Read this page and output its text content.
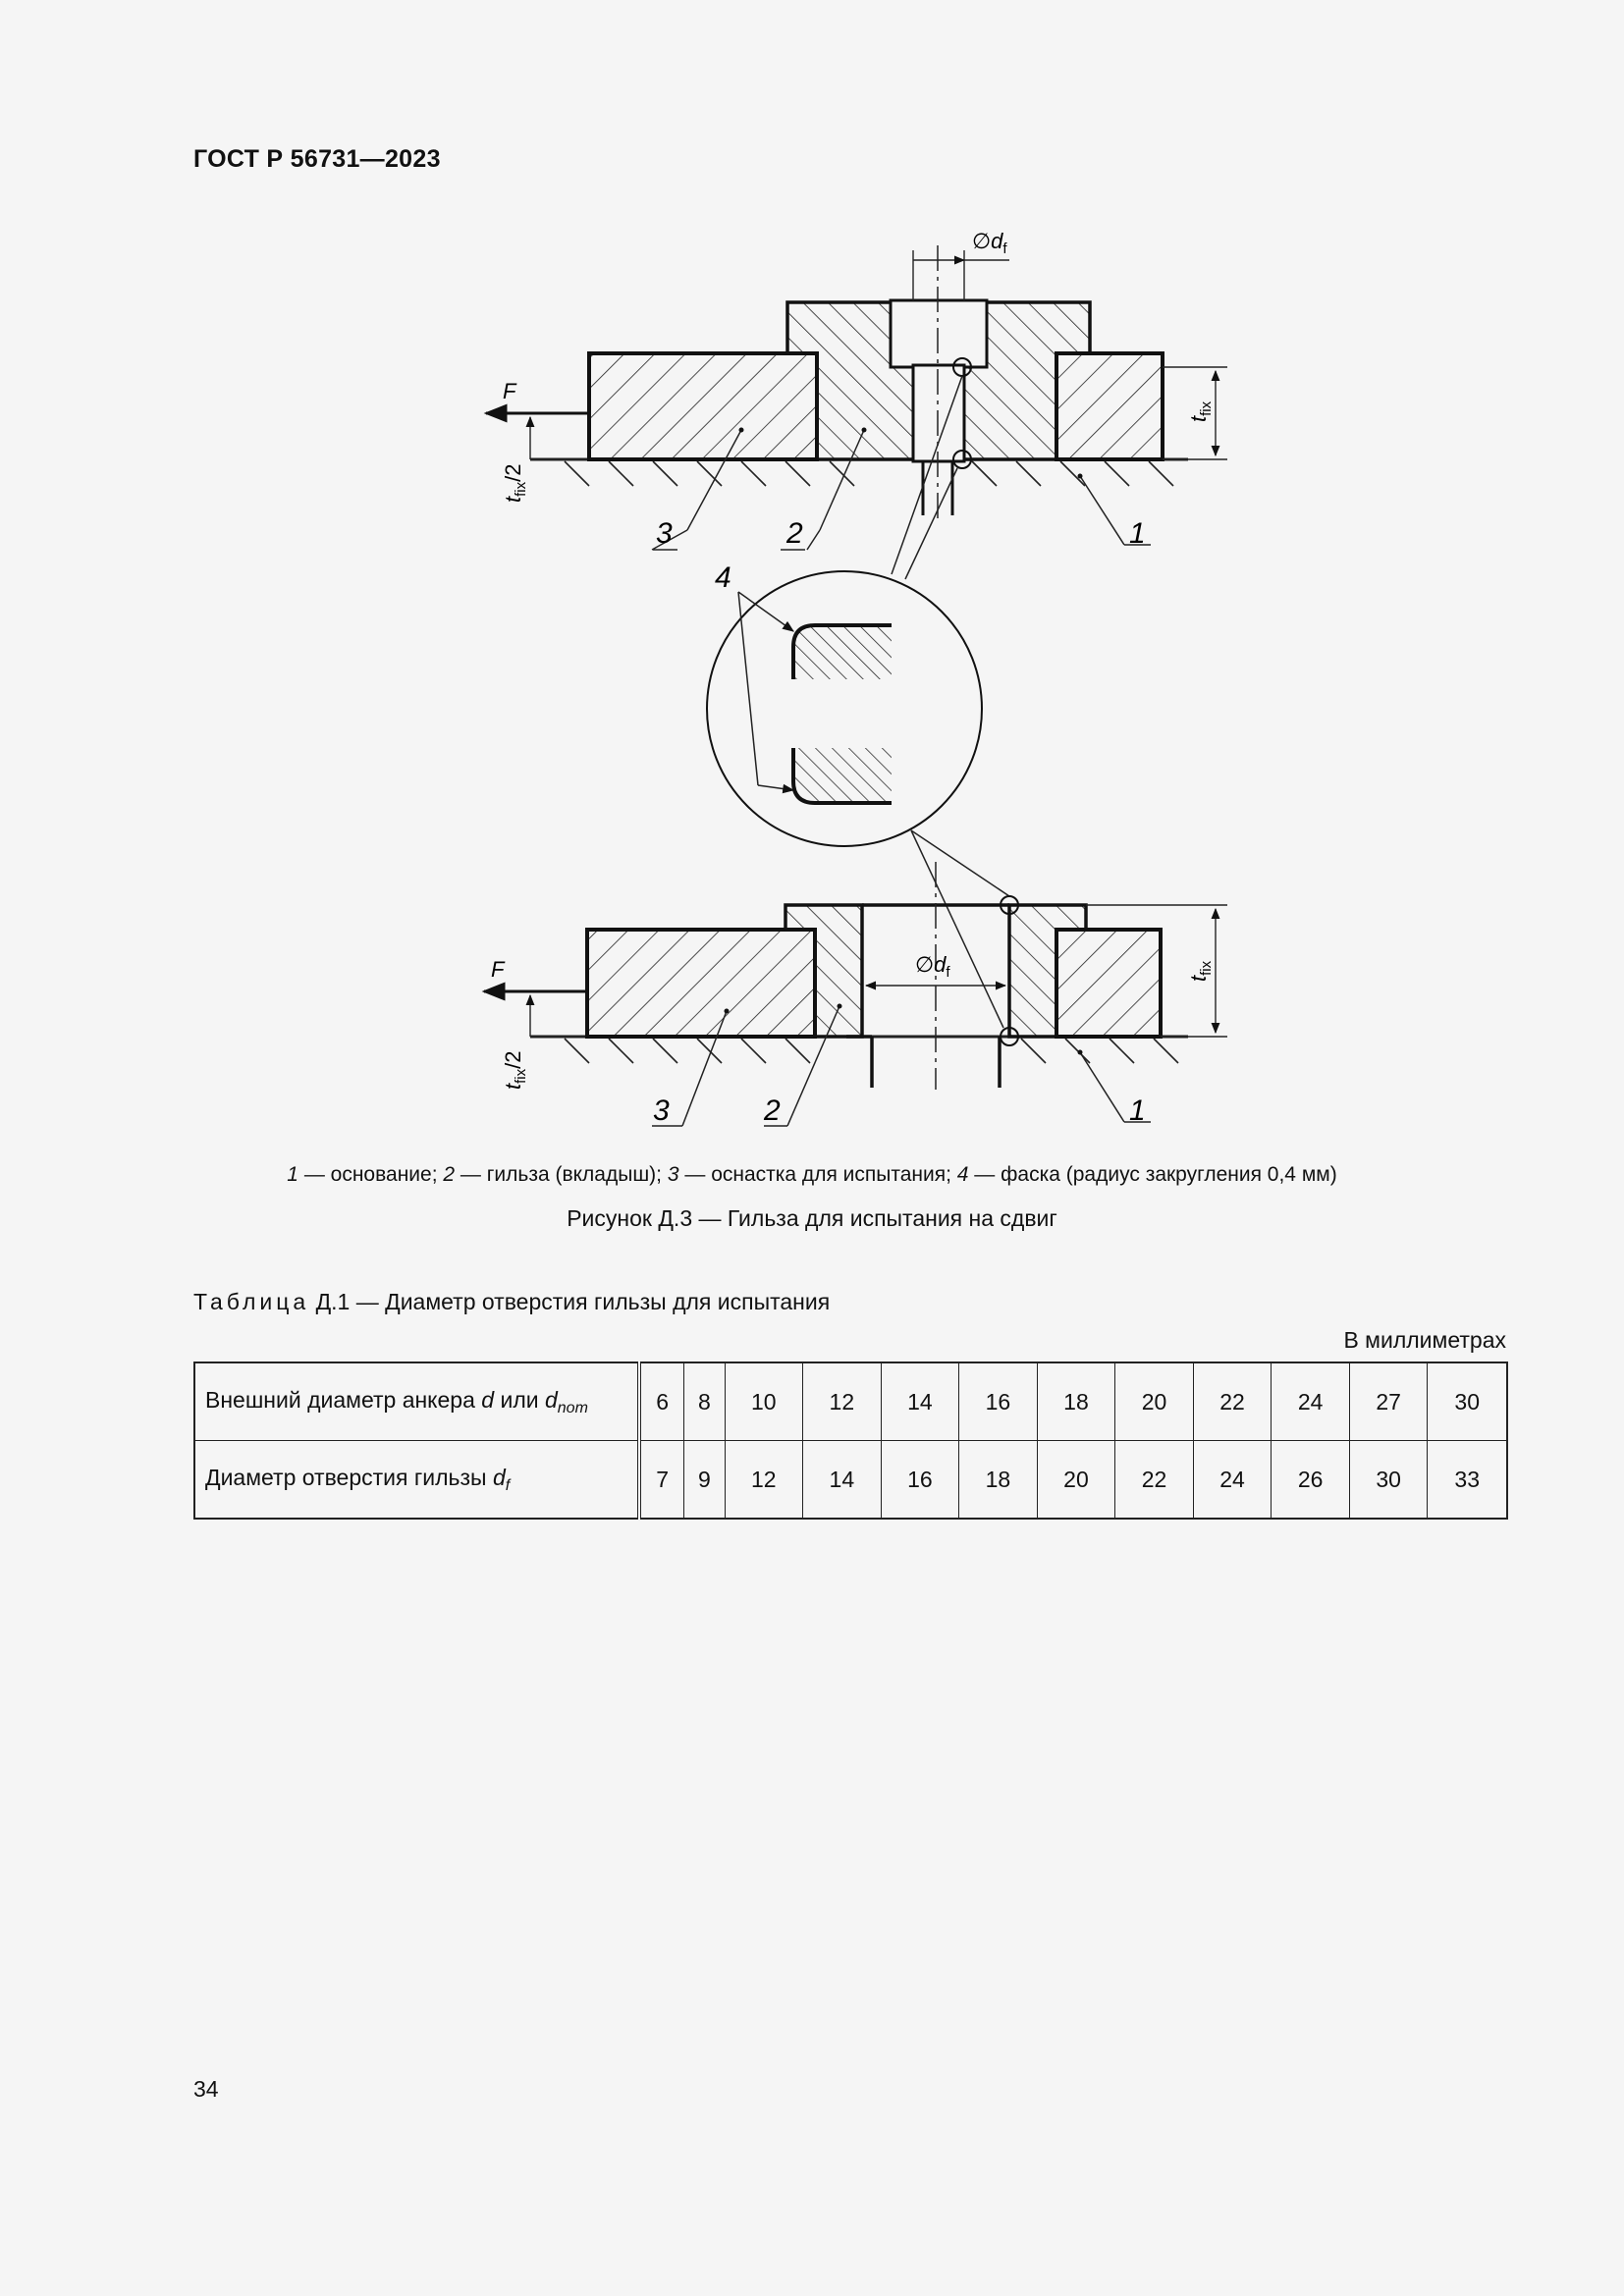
ГОСТ Р 56731—2023
F
$t_{fix}/2$
$t_{fix}$
$\emptyset d_f$
3	2	1
4
$\emptyset d_f$
F
$t_{fix}/2$
$t_{fix}$
3	2	1
1 — основание; 2 — гильза (вкладыш); 3 — оснастка для испытания; 4 — фаска (радиус закругления 0,4 мм)
Рисунок Д.3 — Гильза для испытания на сдвиг
Таблица Д.1 — Диаметр отверстия гильзы для испытания
В миллиметрах
Внешний диаметр анкера d или $d_{nom}$	6	8	10	12	14	16	18	20	22	24	27	30
Диаметр отверстия гильзы $d_f$	7	9	12	14	16	18	20	22	24	26	30	33
34
